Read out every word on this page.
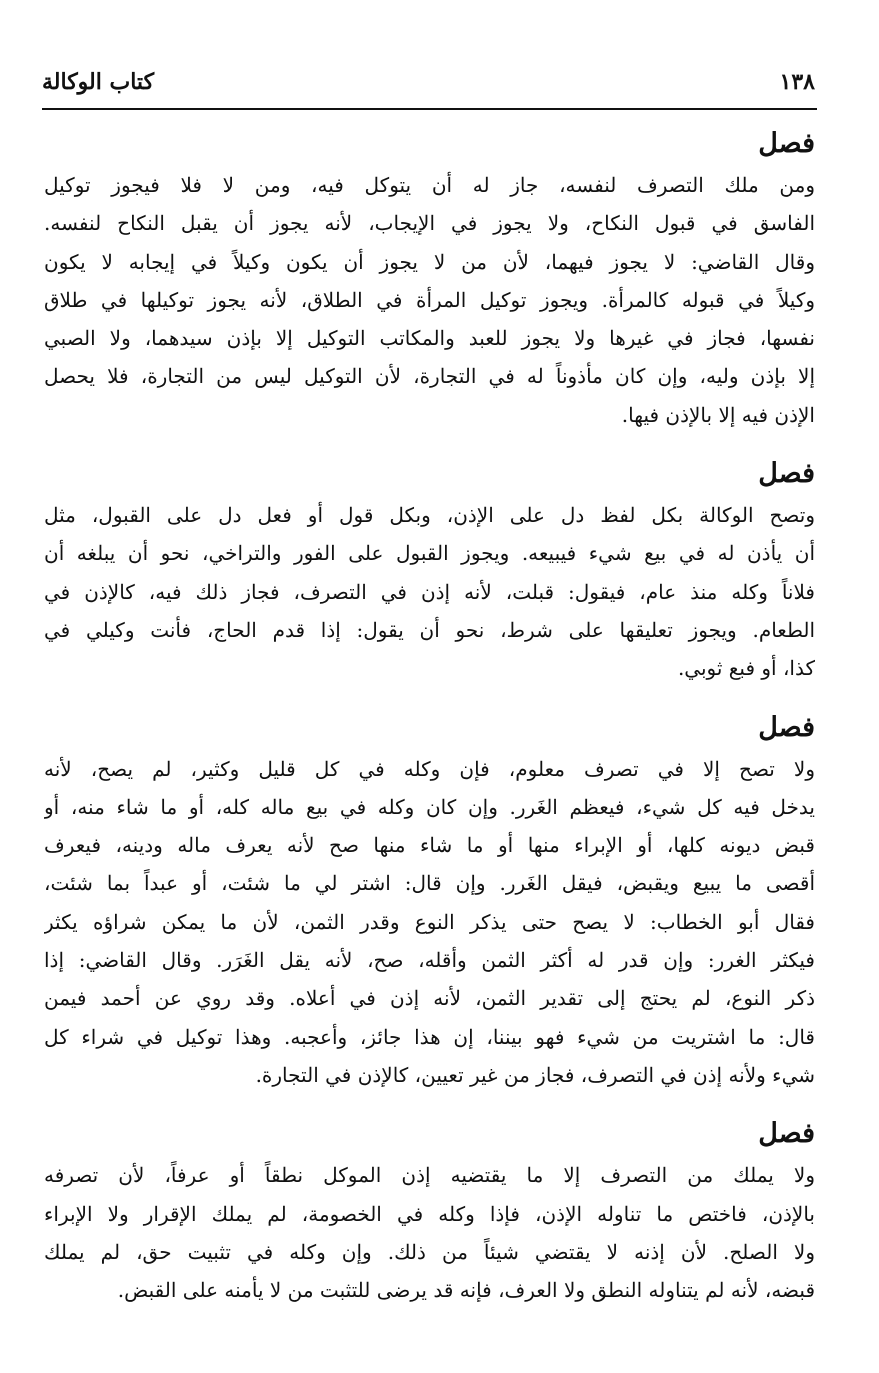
كتاب الوكالة	١٣٨
فصل
ومن ملك التصرف لنفسه، جاز له أن يتوكل فيه، ومن لا فلا فيجوز توكيل
الفاسق في قبول النكاح، ولا يجوز في الإيجاب، لأنه يجوز أن يقبل النكاح لنفسه.
وقال القاضي: لا يجوز فيهما، لأن من لا يجوز أن يكون وكيلاً في إيجابه لا يكون
وكيلاً في قبوله كالمرأة. ويجوز توكيل المرأة في الطلاق، لأنه يجوز توكيلها في طلاق
نفسها، فجاز في غيرها ولا يجوز للعبد والمكاتب التوكيل إلا بإذن سيدهما، ولا الصبي
إلا بإذن وليه، وإن كان مأذوناً له في التجارة، لأن التوكيل ليس من التجارة، فلا يحصل
الإذن فيه إلا بالإذن فيها.
فصل
وتصح الوكالة بكل لفظ دل على الإذن، وبكل قول أو فعل دل على القبول، مثل
أن يأذن له في بيع شيء فيبيعه. ويجوز القبول على الفور والتراخي، نحو أن يبلغه أن
فلاناً وكله منذ عام، فيقول: قبلت، لأنه إذن في التصرف، فجاز ذلك فيه، كالإذن في
الطعام. ويجوز تعليقها على شرط، نحو أن يقول: إذا قدم الحاج، فأنت وكيلي في
كذا، أو فبع ثوبي.
فصل
ولا تصح إلا في تصرف معلوم، فإن وكله في كل قليل وكثير، لم يصح، لأنه
يدخل فيه كل شيء، فيعظم الغَرر. وإن كان وكله في بيع ماله كله، أو ما شاء منه، أو
قبض ديونه كلها، أو الإبراء منها أو ما شاء منها صح لأنه يعرف ماله ودينه، فيعرف
أقصى ما يبيع ويقبض، فيقل الغَرر. وإن قال: اشتر لي ما شئت، أو عبداً بما شئت،
فقال أبو الخطاب: لا يصح حتى يذكر النوع وقدر الثمن، لأن ما يمكن شراؤه يكثر
فيكثر الغرر: وإن قدر له أكثر الثمن وأقله، صح، لأنه يقل الغَرَر. وقال القاضي: إذا
ذكر النوع، لم يحتج إلى تقدير الثمن، لأنه إذن في أعلاه. وقد روي عن أحمد فيمن
قال: ما اشتريت من شيء فهو بيننا، إن هذا جائز، وأعجبه. وهذا توكيل في شراء كل
شيء ولأنه إذن في التصرف، فجاز من غير تعيين، كالإذن في التجارة.
فصل
ولا يملك من التصرف إلا ما يقتضيه إذن الموكل نطقاً أو عرفاً، لأن تصرفه
بالإذن، فاختص ما تناوله الإذن، فإذا وكله في الخصومة، لم يملك الإقرار ولا الإبراء
ولا الصلح. لأن إذنه لا يقتضي شيئاً من ذلك. وإن وكله في تثبيت حق، لم يملك
قبضه، لأنه لم يتناوله النطق ولا العرف، فإنه قد يرضى للتثبت من لا يأمنه على القبض.
